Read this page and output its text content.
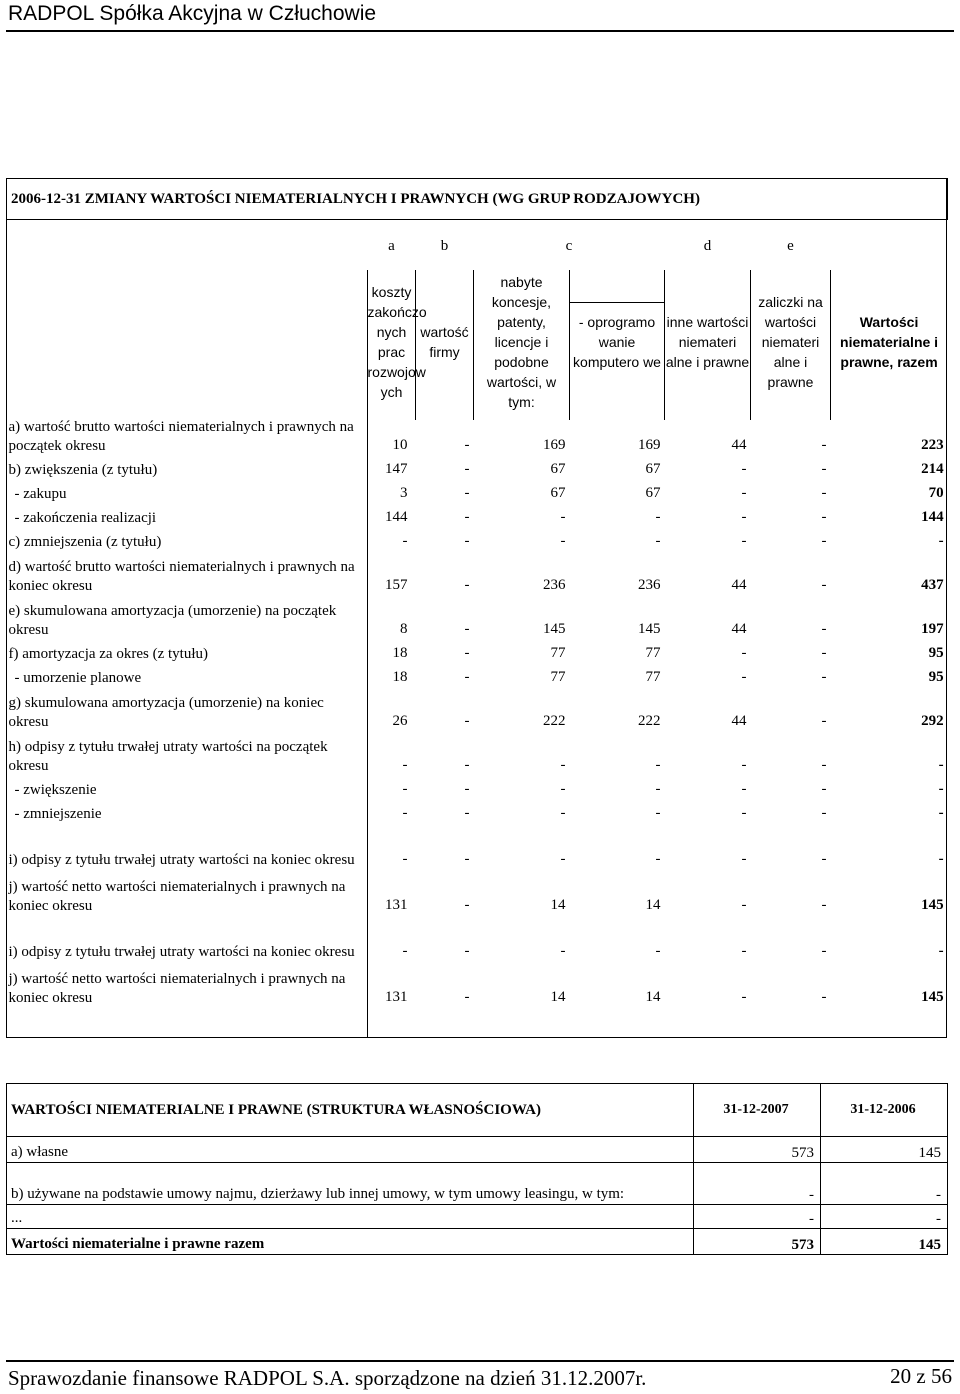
RADPOL Spółka Akcyjna w Człuchowie
2006-12-31 ZMIANY WARTOŚCI NIEMATERIALNYCH I PRAWNYCH (WG GRUP RODZAJOWYCH)							
	a	b	c		d	e	
	koszty zakończo nych prac rozwojow ych	wartość firmy	nabyte koncesje, patenty, licencje i podobne wartości, w tym:	- oprogramo wanie komputero we	inne wartości niemateri alne i prawne	zaliczki na wartości niemateri alne i prawne	Wartości niematerialne i prawne, razem
a) wartość brutto wartości niematerialnych i prawnych na początek okresu	10	-	169	169	44	-	223
b) zwiększenia (z tytułu)	147	-	67	67	-	-	214
- zakupu	3	-	67	67	-	-	70
- zakończenia realizacji	144	-	-	-	-	-	144
c) zmniejszenia (z tytułu)	-	-	-	-	-	-	-
d) wartość brutto wartości niematerialnych i prawnych na koniec okresu	157	-	236	236	44	-	437
e) skumulowana amortyzacja (umorzenie) na początek okresu	8	-	145	145	44	-	197
f) amortyzacja za okres (z tytułu)	18	-	77	77	-	-	95
- umorzenie planowe	18	-	77	77	-	-	95
g) skumulowana amortyzacja (umorzenie) na koniec okresu	26	-	222	222	44	-	292
h) odpisy z tytułu trwałej utraty wartości na początek okresu	-	-	-	-	-	-	-
- zwiększenie	-	-	-	-	-	-	-
- zmniejszenie	-	-	-	-	-	-	-
i) odpisy z tytułu trwałej utraty wartości na koniec okresu	-	-	-	-	-	-	-
j) wartość netto wartości niematerialnych i prawnych na koniec okresu	131	-	14	14	-	-	145
i) odpisy z tytułu trwałej utraty wartości na koniec okresu	-	-	-	-	-	-	-
j) wartość netto wartości niematerialnych i prawnych na koniec okresu	131	-	14	14	-	-	145
WARTOŚCI NIEMATERIALNE I PRAWNE (STRUKTURA WŁASNOŚCIOWA)	31-12-2007	31-12-2006
a) własne	573	145
b) używane na podstawie umowy najmu, dzierżawy lub innej umowy, w tym umowy leasingu, w tym:	-	-
...	-	-
Wartości niematerialne i prawne razem	573	145
Sprawozdanie finansowe RADPOL S.A. sporządzone na dzień 31.12.2007r.	20 z 56
